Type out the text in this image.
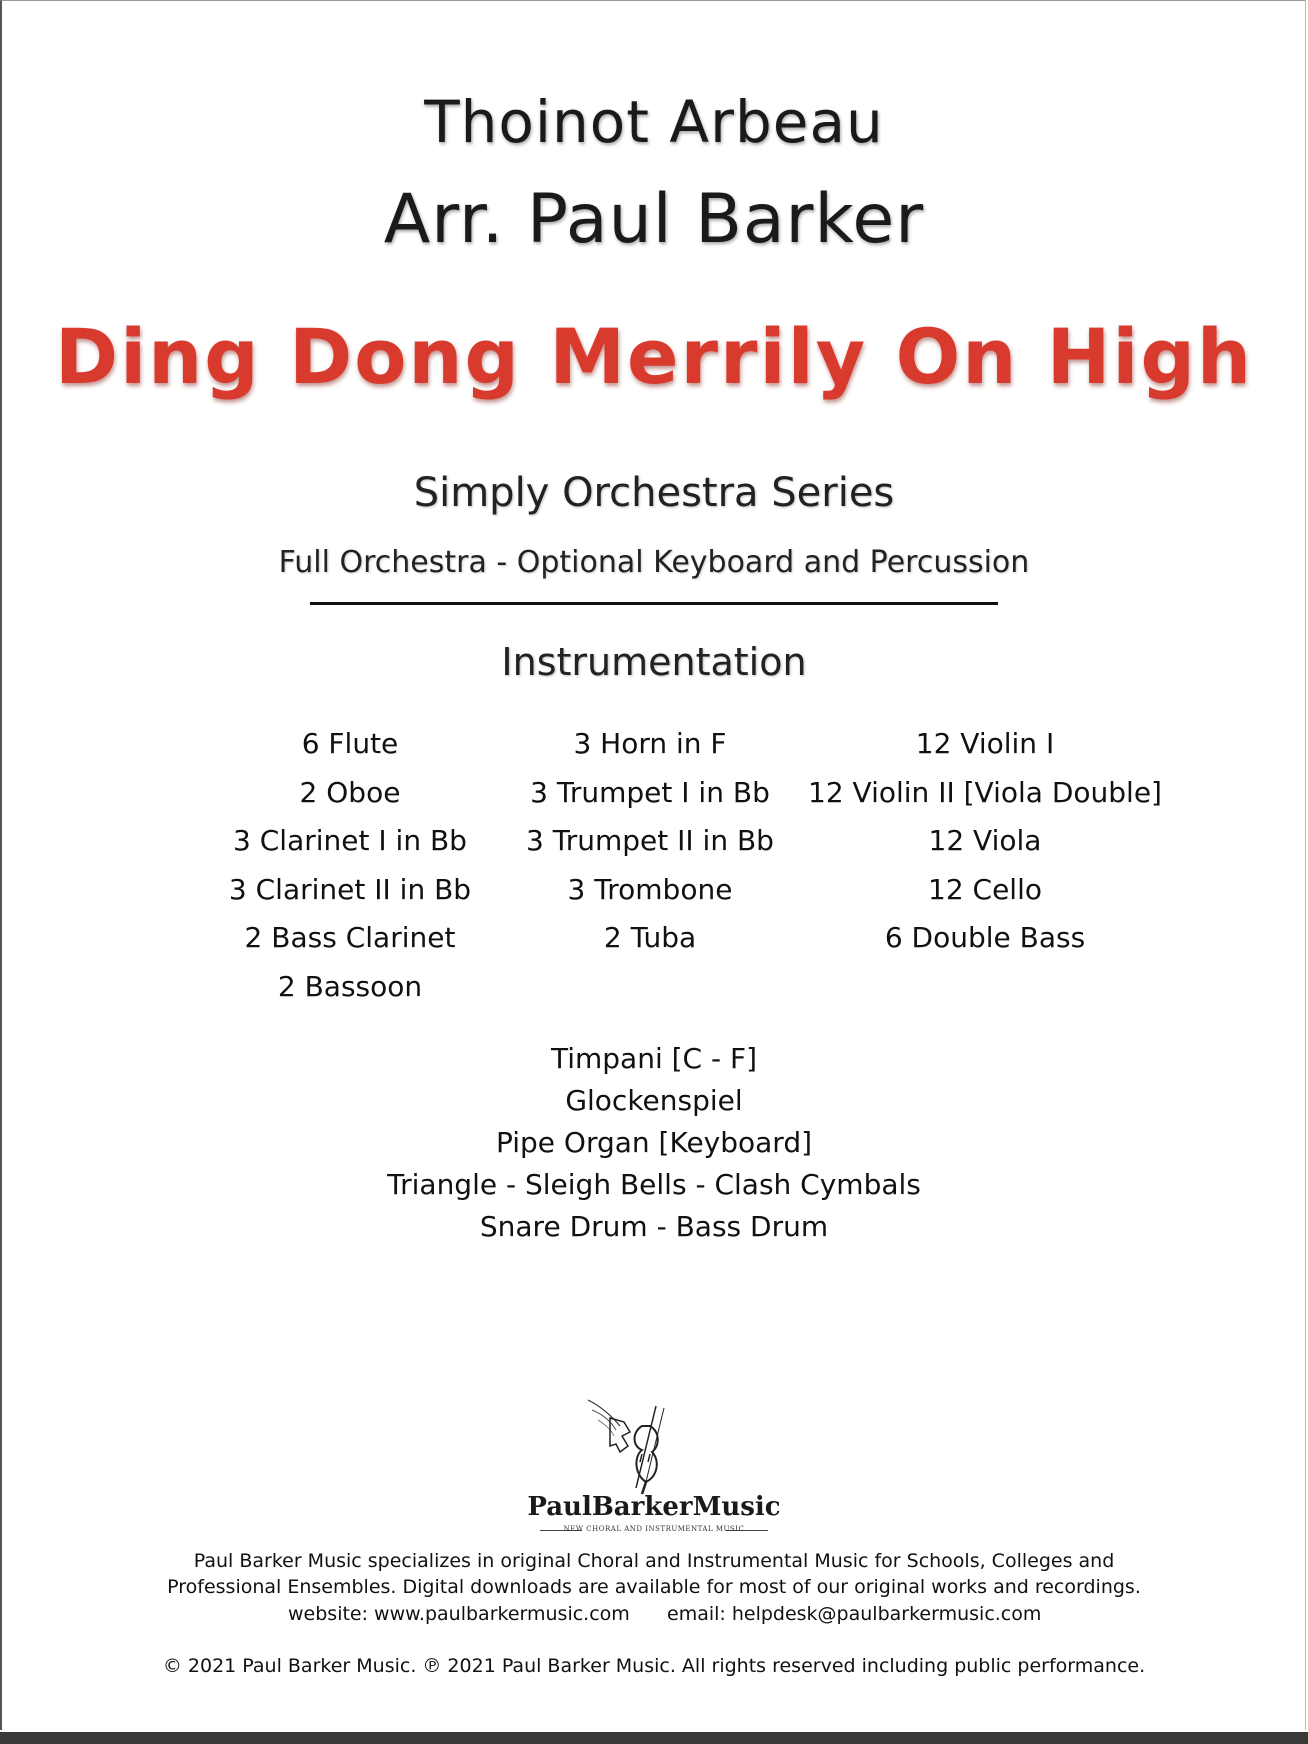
Thoinot Arbeau
Arr. Paul Barker
Ding Dong Merrily On High
Simply Orchestra Series
Full Orchestra - Optional Keyboard and Percussion
Instrumentation
6 Flute
2 Oboe
3 Clarinet I in Bb
3 Clarinet II in Bb
2 Bass Clarinet
2 Bassoon
3 Horn in F
3 Trumpet I in Bb
3 Trumpet II in Bb
3 Trombone
2 Tuba
12 Violin I
12 Violin II [Viola Double]
12 Viola
12 Cello
6 Double Bass
Timpani [C - F]
Glockenspiel
Pipe Organ [Keyboard]
Triangle - Sleigh Bells - Clash Cymbals
Snare Drum - Bass Drum
PaulBarkerMusic
NEW CHORAL AND INSTRUMENTAL MUSIC
Paul Barker Music specializes in original Choral and Instrumental Music for Schools, Colleges and
Professional Ensembles. Digital downloads are available for most of our original works and recordings.
website: www.paulbarkermusic.com email: helpdesk@paulbarkermusic.com
© 2021 Paul Barker Music. ℗ 2021 Paul Barker Music. All rights reserved including public performance.
